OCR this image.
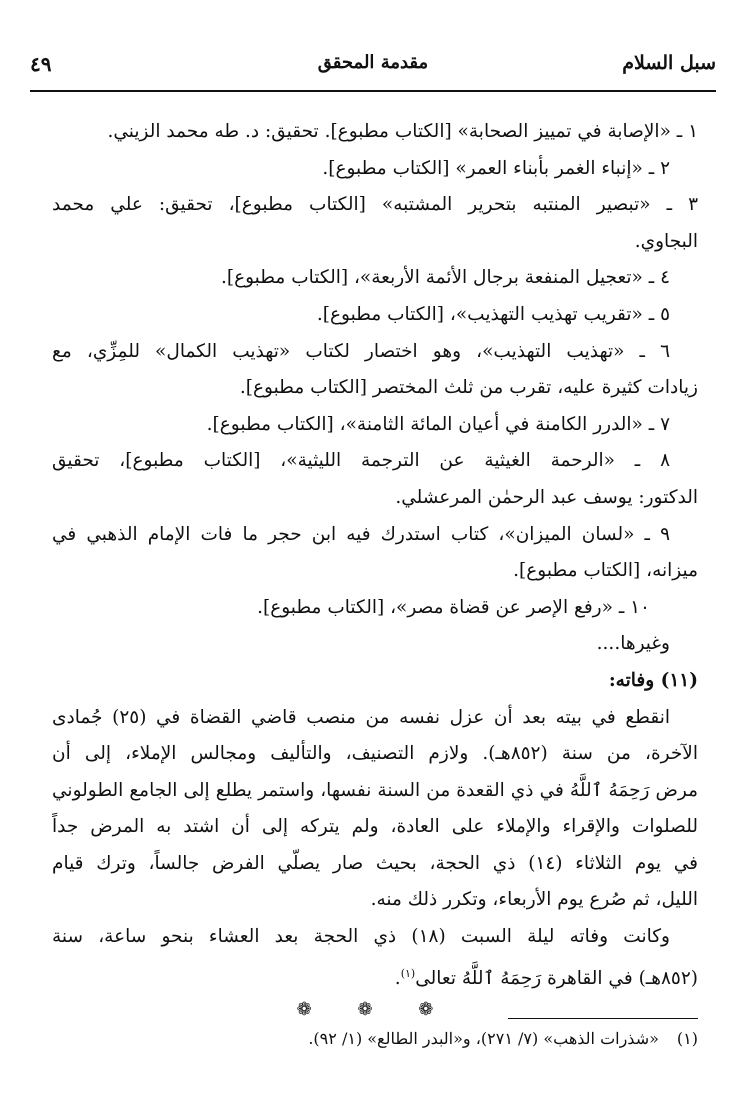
سبل السلام
مقدمة المحقق
٤٩
١ ـ «الإصابة في تمييز الصحابة» [الكتاب مطبوع]. تحقيق: د. طه محمد الزيني.
٢ ـ «إنباء الغمر بأبناء العمر» [الكتاب مطبوع].
٣ ـ «تبصير المنتبه بتحرير المشتبه» [الكتاب مطبوع]، تحقيق: علي محمد
البجاوي.
٤ ـ «تعجيل المنفعة برجال الأئمة الأربعة»، [الكتاب مطبوع].
٥ ـ «تقريب تهذيب التهذيب»، [الكتاب مطبوع].
٦ ـ «تهذيب التهذيب»، وهو اختصار لكتاب «تهذيب الكمال» للمِزِّي، مع
زيادات كثيرة عليه، تقرب من ثلث المختصر [الكتاب مطبوع].
٧ ـ «الدرر الكامنة في أعيان المائة الثامنة»، [الكتاب مطبوع].
٨ ـ «الرحمة الغيثية عن الترجمة الليثية»، [الكتاب مطبوع]، تحقيق
الدكتور: يوسف عبد الرحمٰن المرعشلي.
٩ ـ «لسان الميزان»، كتاب استدرك فيه ابن حجر ما فات الإمام الذهبي في
ميزانه، [الكتاب مطبوع].
١٠ ـ «رفع الإصر عن قضاة مصر»، [الكتاب مطبوع].
وغيرها....
(١١) وفاته:
انقطع في بيته بعد أن عزل نفسه من منصب قاضي القضاة في (٢٥) جُمادى
الآخرة، من سنة (٨٥٢هـ). ولازم التصنيف، والتأليف ومجالس الإملاء، إلى أن
مرض رَحِمَهُ ٱللَّهُ في ذي القعدة من السنة نفسها، واستمر يطلع إلى الجامع الطولوني
للصلوات والإقراء والإملاء على العادة، ولم يتركه إلى أن اشتد به المرض جداً
في يوم الثلاثاء (١٤) ذي الحجة، بحيث صار يصلّي الفرض جالساً، وترك قيام
الليل، ثم صُرع يوم الأربعاء، وتكرر ذلك منه.
وكانت وفاته ليلة السبت (١٨) ذي الحجة بعد العشاء بنحو ساعة، سنة
(٨٥٢هـ) في القاهرة رَحِمَهُ ٱللَّهُ تعالى$^{(١)}$.
❁ ❁ ❁
(١)«شذرات الذهب» (٧/ ٢٧١)، و«البدر الطالع» (١/ ٩٢).
